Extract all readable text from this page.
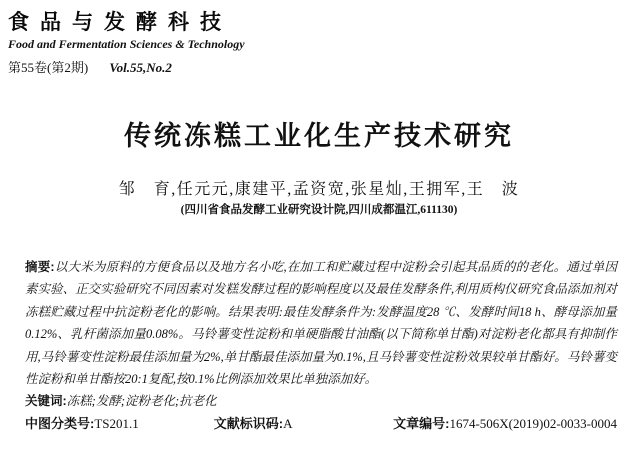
食品与发酵科技
Food and Fermentation Sciences & Technology
第55卷(第2期) Vol.55,No.2
传统冻糕工业化生产技术研究
邹　育,任元元,康建平,孟资宽,张星灿,王拥军,王　波
(四川省食品发酵工业研究设计院,四川成都温江,611130)

摘要:以大米为原料的方便食品以及地方名小吃,在加工和贮藏过程中淀粉会引起其品质的的老化。通过单因素实验、正交实验研究不同因素对发糕发酵过程的影响程度以及最佳发酵条件,利用质构仪研究食品添加剂对冻糕贮藏过程中抗淀粉老化的影响。结果表明:最佳发酵条件为:发酵温度28 ℃、发酵时间18 h、酵母添加量0.12%、乳杆菌添加量0.08%。马铃薯变性淀粉和单硬脂酸甘油酯(以下简称单甘酯)对淀粉老化都具有抑制作用,马铃薯变性淀粉最佳添加量为2%,单甘酯最佳添加量为0.1%,且马铃薯变性淀粉效果较单甘酯好。马铃薯变性淀粉和单甘酯按20:1复配,按0.1%比例添加效果比单独添加好。

关键词:冻糕;发酵;淀粉老化;抗老化

中图分类号:TS201.1	文献标识码:A	文章编号:1674-506X(2019)02-0033-0004
